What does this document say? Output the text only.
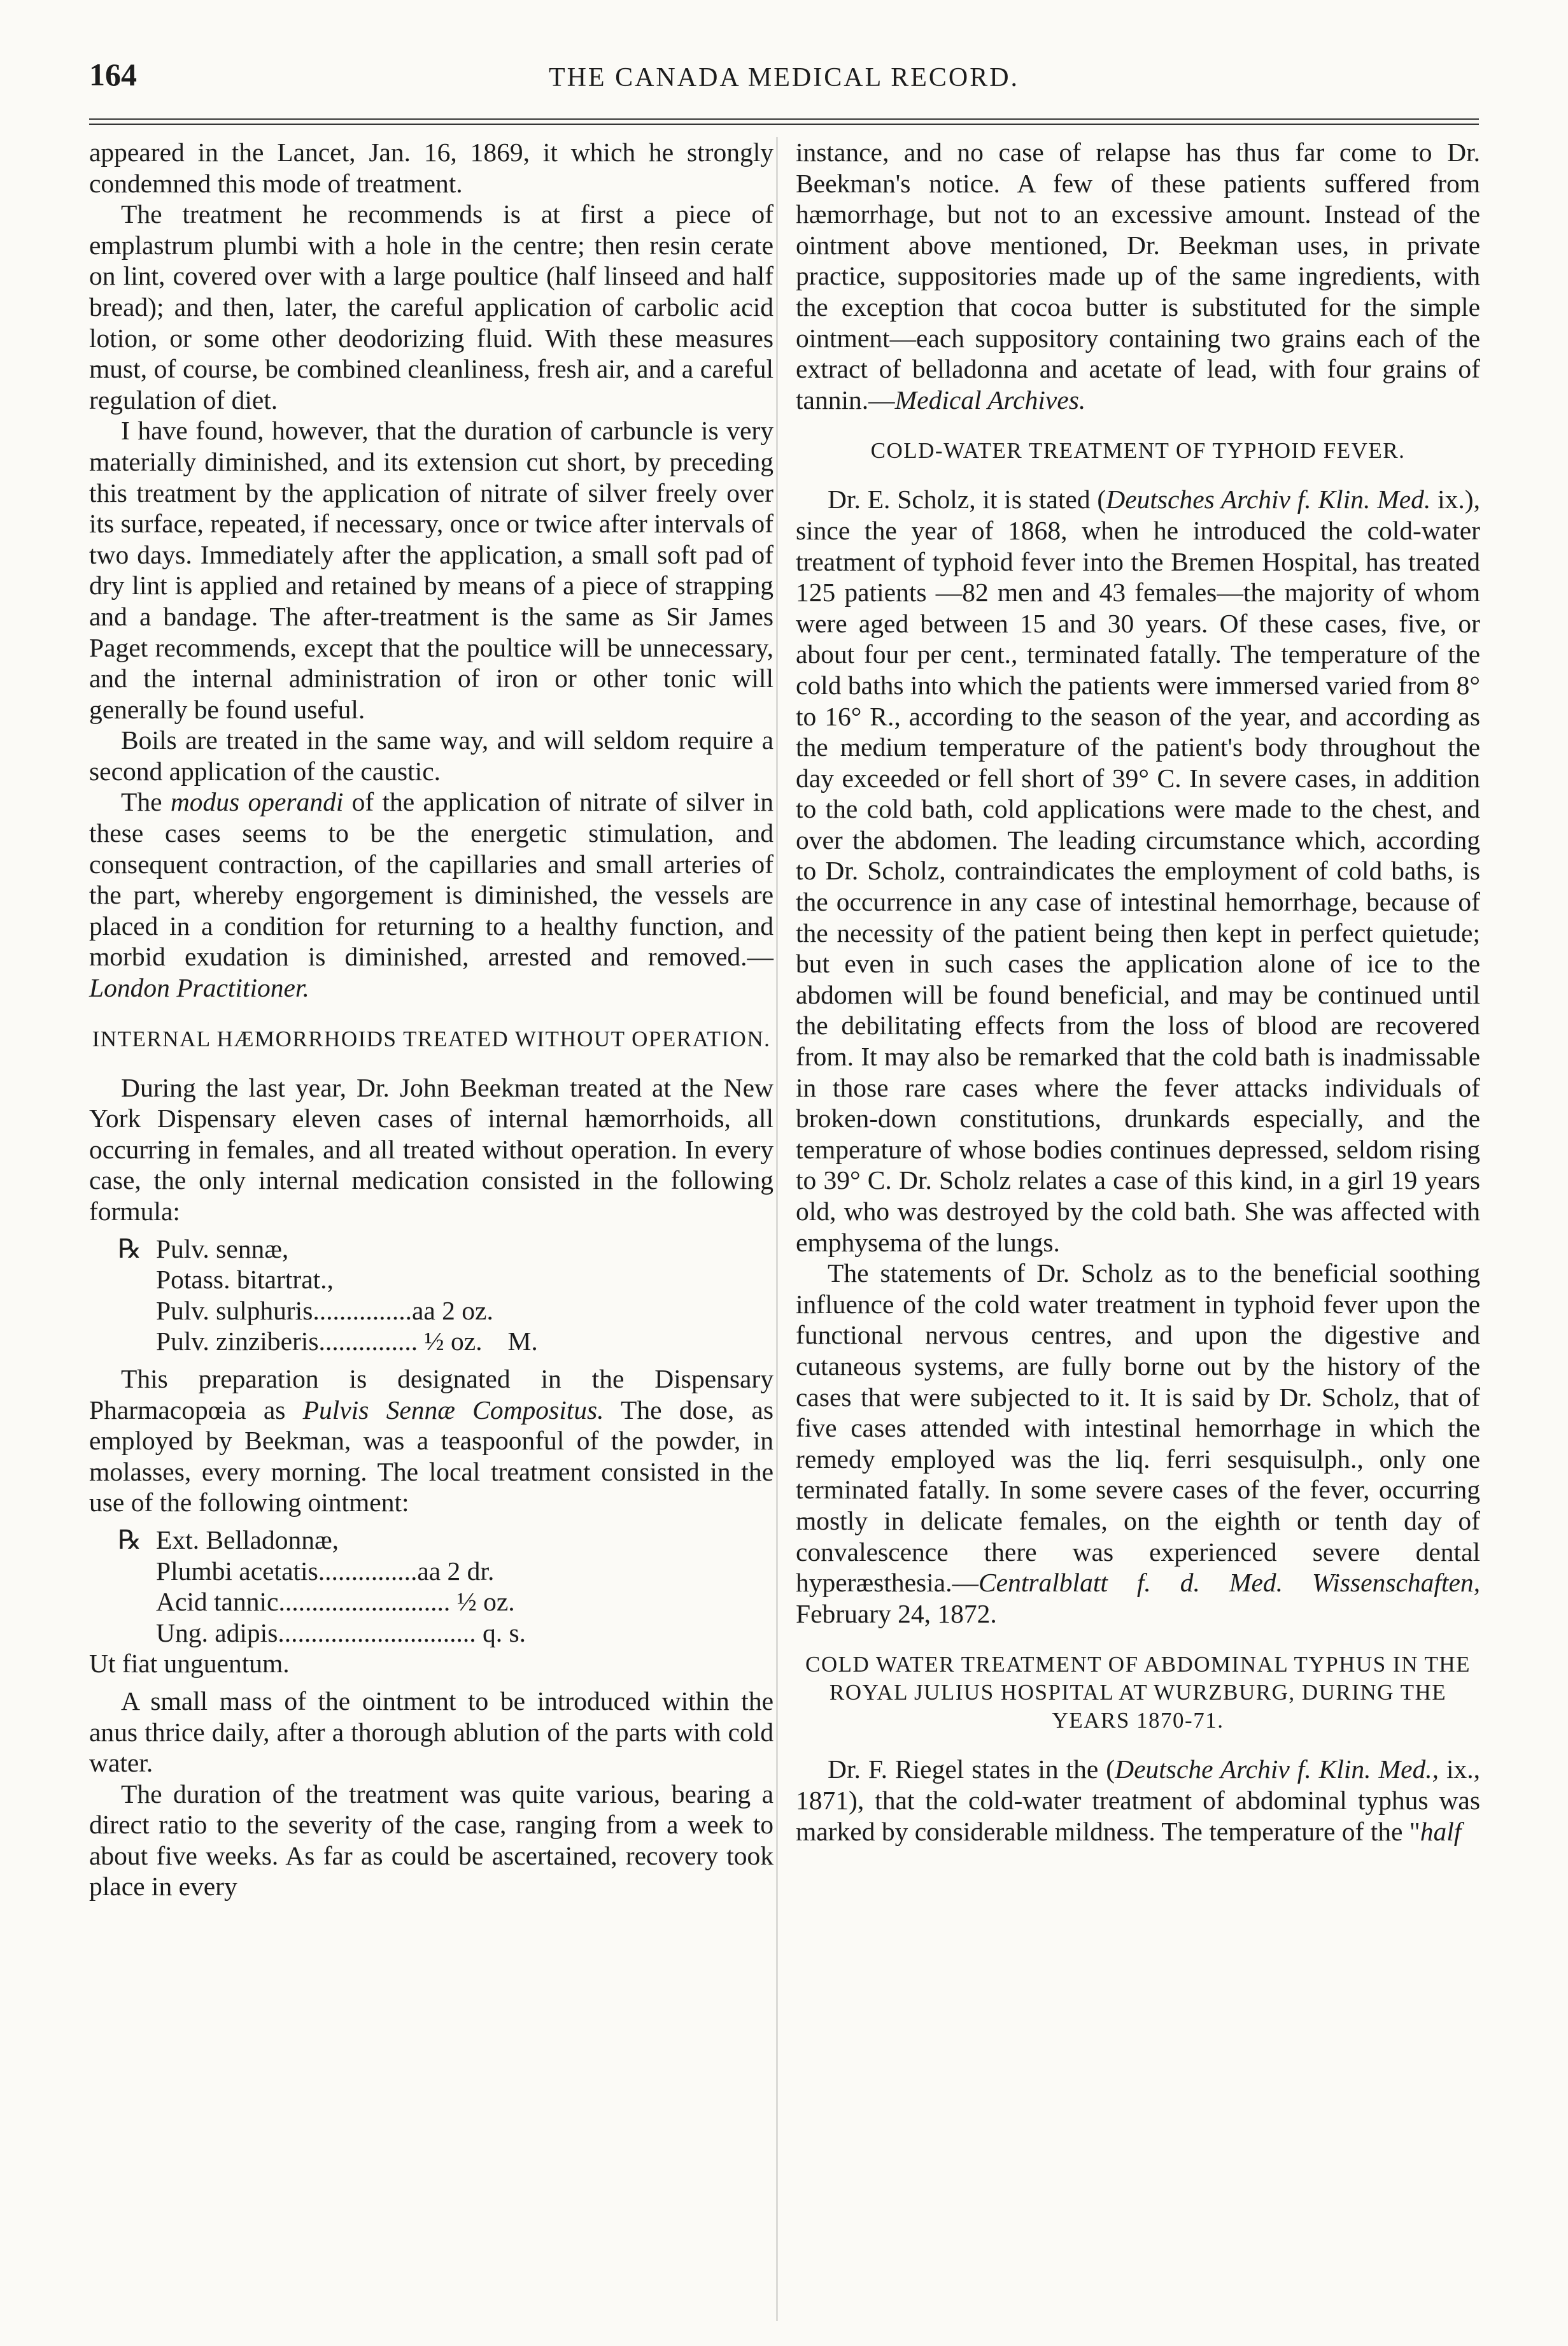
164	THE CANADA MEDICAL RECORD.

appeared in the Lancet, Jan. 16, 1869, it which he strongly condemned this mode of treatment.

The treatment he recommends is at first a piece of emplastrum plumbi with a hole in the centre; then resin cerate on lint, covered over with a large poultice (half linseed and half bread); and then, later, the careful application of carbolic acid lotion, or some other deodorizing fluid. With these measures must, of course, be combined cleanliness, fresh air, and a careful regulation of diet.

I have found, however, that the duration of carbuncle is very materially diminished, and its extension cut short, by preceding this treatment by the application of nitrate of silver freely over its surface, repeated, if necessary, once or twice after intervals of two days. Immediately after the application, a small soft pad of dry lint is applied and retained by means of a piece of strapping and a bandage. The after-treatment is the same as Sir James Paget recommends, except that the poultice will be unnecessary, and the internal administration of iron or other tonic will generally be found useful.

Boils are treated in the same way, and will seldom require a second application of the caustic.

The modus operandi of the application of nitrate of silver in these cases seems to be the energetic stimulation, and consequent contraction, of the capillaries and small arteries of the part, whereby engorgement is diminished, the vessels are placed in a condition for returning to a healthy function, and morbid exudation is diminished, arrested and removed.—London Practitioner.

INTERNAL HÆMORRHOIDS TREATED WITHOUT OPERATION.

During the last year, Dr. John Beekman treated at the New York Dispensary eleven cases of internal hæmorrhoids, all occurring in females, and all treated without operation. In every case, the only internal medication consisted in the following formula:

℞ Pulv. sennæ,
Potass. bitartrat.,
Pulv. sulphuris...............aa 2 oz.
Pulv. zinziberis............... ½ oz. M.

This preparation is designated in the Dispensary Pharmacopœia as Pulvis Sennæ Compositus. The dose, as employed by Beekman, was a teaspoonful of the powder, in molasses, every morning. The local treatment consisted in the use of the following ointment:

℞ Ext. Belladonnæ,
Plumbi acetatis...............aa 2 dr.
Acid tannic.......................... ½ oz.
Ung. adipis.............................. q. s.
Ut fiat unguentum.

A small mass of the ointment to be introduced within the anus thrice daily, after a thorough ablution of the parts with cold water.

The duration of the treatment was quite various, bearing a direct ratio to the severity of the case, ranging from a week to about five weeks. As far as could be ascertained, recovery took place in every

instance, and no case of relapse has thus far come to Dr. Beekman's notice. A few of these patients suffered from hæmorrhage, but not to an excessive amount. Instead of the ointment above mentioned, Dr. Beekman uses, in private practice, suppositories made up of the same ingredients, with the exception that cocoa butter is substituted for the simple ointment—each suppository containing two grains each of the extract of belladonna and acetate of lead, with four grains of tannin.—Medical Archives.

COLD-WATER TREATMENT OF TYPHOID FEVER.

Dr. E. Scholz, it is stated (Deutsches Archiv f. Klin. Med. ix.), since the year of 1868, when he introduced the cold-water treatment of typhoid fever into the Bremen Hospital, has treated 125 patients —82 men and 43 females—the majority of whom were aged between 15 and 30 years. Of these cases, five, or about four per cent., terminated fatally. The temperature of the cold baths into which the patients were immersed varied from 8° to 16° R., according to the season of the year, and according as the medium temperature of the patient's body throughout the day exceeded or fell short of 39° C. In severe cases, in addition to the cold bath, cold applications were made to the chest, and over the abdomen. The leading circumstance which, according to Dr. Scholz, contraindicates the employment of cold baths, is the occurrence in any case of intestinal hemorrhage, because of the necessity of the patient being then kept in perfect quietude; but even in such cases the application alone of ice to the abdomen will be found beneficial, and may be continued until the debilitating effects from the loss of blood are recovered from. It may also be remarked that the cold bath is inadmissable in those rare cases where the fever attacks individuals of broken-down constitutions, drunkards especially, and the temperature of whose bodies continues depressed, seldom rising to 39° C. Dr. Scholz relates a case of this kind, in a girl 19 years old, who was destroyed by the cold bath. She was affected with emphysema of the lungs.

The statements of Dr. Scholz as to the beneficial soothing influence of the cold water treatment in typhoid fever upon the functional nervous centres, and upon the digestive and cutaneous systems, are fully borne out by the history of the cases that were subjected to it. It is said by Dr. Scholz, that of five cases attended with intestinal hemorrhage in which the remedy employed was the liq. ferri sesquisulph., only one terminated fatally. In some severe cases of the fever, occurring mostly in delicate females, on the eighth or tenth day of convalescence there was experienced severe dental hyperæsthesia.—Centralblatt f. d. Med. Wissenschaften, February 24, 1872.

COLD WATER TREATMENT OF ABDOMINAL TYPHUS IN THE ROYAL JULIUS HOSPITAL AT WURZBURG, DURING THE YEARS 1870-71.

Dr. F. Riegel states in the (Deutsche Archiv f. Klin. Med., ix., 1871), that the cold-water treatment of abdominal typhus was marked by considerable mildness. The temperature of the "half
